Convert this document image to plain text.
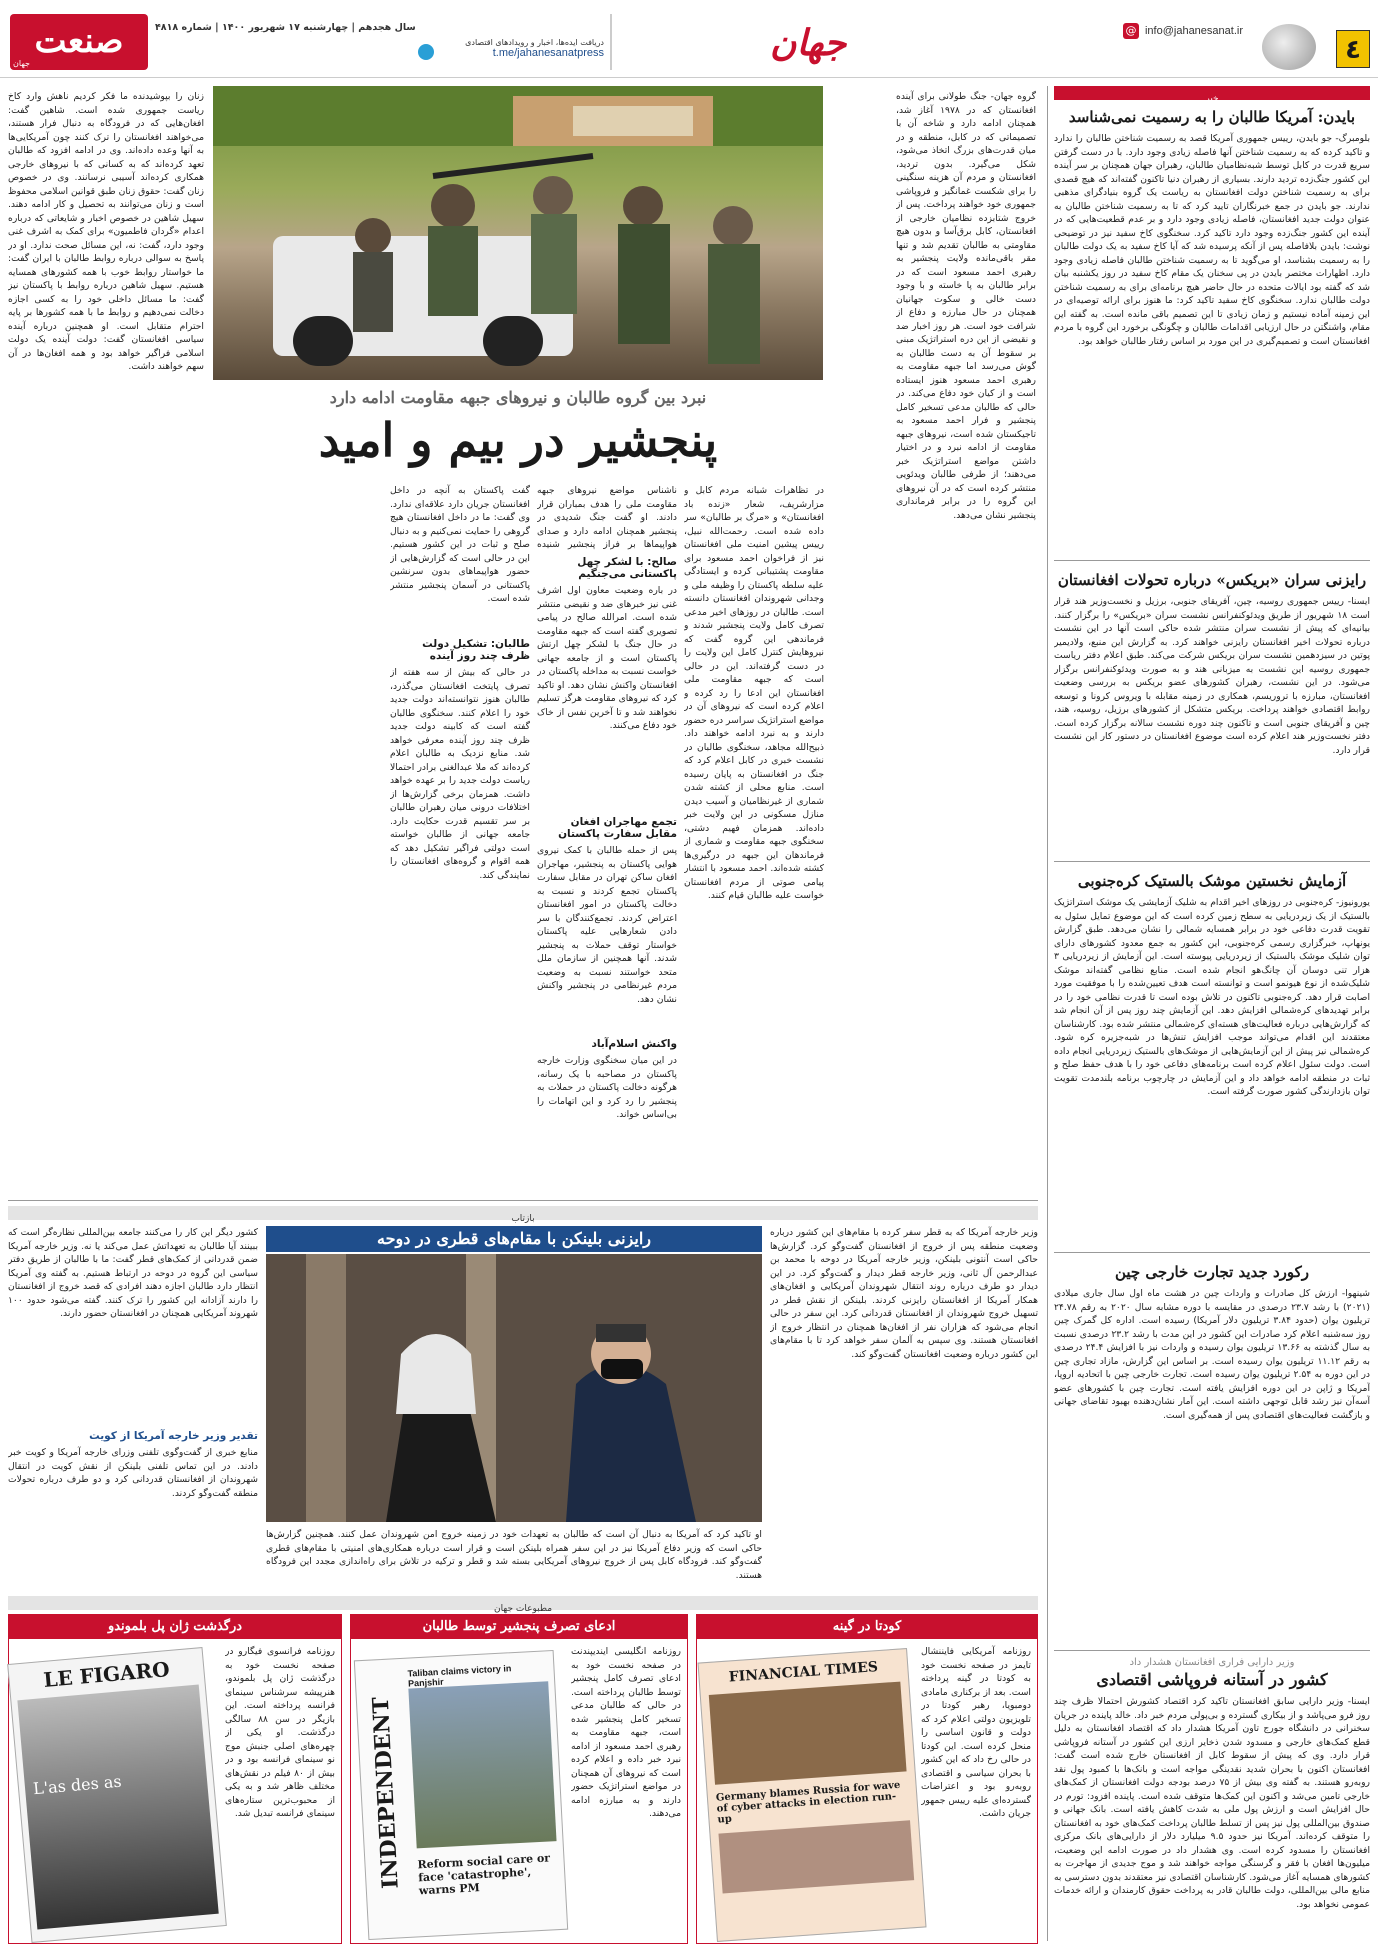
٤
@ info@jahanesanat.ir
جهان
دریافت ایده‌ها، اخبار و رویدادهای اقتصادی
t.me/jahanesanatpress
سال هجدهم | چهارشنبه ۱۷ شهریور ۱۴۰۰ | شماره ۴۸۱۸
صنعت
جهان
خبر
بایدن: آمریکا طالبان را به رسمیت نمی‌شناسد
بلومبرگ- جو بایدن، رییس جمهوری آمریکا قصد به رسمیت شناختن طالبان را ندارد و تاکید کرده که به رسمیت شناختن آنها فاصله زیادی وجود دارد. با در دست گرفتن سریع قدرت در کابل توسط شبه‌نظامیان طالبان، رهبران جهان همچنان بر سر آینده این کشور جنگ‌زده تردید دارند. بسیاری از رهبران دنیا تاکنون گفته‌اند که هیچ قصدی برای به رسمیت شناختن دولت افغانستان به ریاست یک گروه بنیادگرای مذهبی ندارند. جو بایدن در جمع خبرنگاران تایید کرد که تا به رسمیت شناختن طالبان به عنوان دولت جدید افغانستان، فاصله زیادی وجود دارد و بر عدم قطعیت‌هایی که در آینده این کشور جنگ‌زده وجود دارد تاکید کرد. سخنگوی کاخ سفید نیز در توضیحی نوشت: بایدن بلافاصله پس از آنکه پرسیده شد که آیا کاخ سفید به یک دولت طالبان را به رسمیت بشناسد، او می‌گوید تا به رسمیت شناختن طالبان فاصله زیادی وجود دارد. اظهارات مختصر بایدن در پی سخنان یک مقام کاخ سفید در روز یکشنبه بیان شد که گفته بود ایالات متحده در حال حاضر هیچ برنامه‌ای برای به رسمیت شناختن دولت طالبان ندارد. سخنگوی کاخ سفید تاکید کرد: ما هنوز برای ارائه توصیه‌ای در این زمینه آماده نیستیم و زمان زیادی تا این تصمیم باقی مانده است. به گفته این مقام، واشنگتن در حال ارزیابی اقدامات طالبان و چگونگی برخورد این گروه با مردم افغانستان است و تصمیم‌گیری در این مورد بر اساس رفتار طالبان خواهد بود.
رایزنی سران «بریکس» درباره تحولات افغانستان
ایسنا- رییس جمهوری روسیه، چین، آفریقای جنوبی، برزیل و نخست‌وزیر هند قرار است ۱۸ شهریور از طریق ویدئوکنفرانس نشست سران «بریکس» را برگزار کنند. بیانیه‌ای که پیش از نشست سران منتشر شده حاکی است آنها در این نشست درباره تحولات اخیر افغانستان رایزنی خواهند کرد. به گزارش این منبع، ولادیمیر پوتین در سیزدهمین نشست سران بریکس شرکت می‌کند. طبق اعلام دفتر ریاست جمهوری روسیه این نشست به میزبانی هند و به صورت ویدئوکنفرانس برگزار می‌شود. در این نشست، رهبران کشورهای عضو بریکس به بررسی وضعیت افغانستان، مبارزه با تروریسم، همکاری در زمینه مقابله با ویروس کرونا و توسعه روابط اقتصادی خواهند پرداخت. بریکس متشکل از کشورهای برزیل، روسیه، هند، چین و آفریقای جنوبی است و تاکنون چند دوره نشست سالانه برگزار کرده است. دفتر نخست‌وزیر هند اعلام کرده است موضوع افغانستان در دستور کار این نشست قرار دارد.
آزمایش نخستین موشک بالستیک کره‌جنوبی
یورونیوز- کره‌جنوبی در روزهای اخیر اقدام به شلیک آزمایشی یک موشک استراتژیک بالستیک از یک زیردریایی به سطح زمین کرده است که این موضوع تمایل سئول به تقویت قدرت دفاعی خود در برابر همسایه شمالی را نشان می‌دهد. طبق گزارش یونهاپ، خبرگزاری رسمی کره‌جنوبی، این کشور به جمع معدود کشورهای دارای توان شلیک موشک بالستیک از زیردریایی پیوسته است. این آزمایش از زیردریایی ۳ هزار تنی دوسان آن چانگ‌هو انجام شده است. منابع نظامی گفته‌اند موشک شلیک‌شده از نوع هیونمو است و توانسته است هدف تعیین‌شده را با موفقیت مورد اصابت قرار دهد. کره‌جنوبی تاکنون در تلاش بوده است تا قدرت نظامی خود را در برابر تهدیدهای کره‌شمالی افزایش دهد. این آزمایش چند روز پس از آن انجام شد که گزارش‌هایی درباره فعالیت‌های هسته‌ای کره‌شمالی منتشر شده بود. کارشناسان معتقدند این اقدام می‌تواند موجب افزایش تنش‌ها در شبه‌جزیره کره شود. کره‌شمالی نیز پیش از این آزمایش‌هایی از موشک‌های بالستیک زیردریایی انجام داده است. دولت سئول اعلام کرده است برنامه‌های دفاعی خود را با هدف حفظ صلح و ثبات در منطقه ادامه خواهد داد و این آزمایش در چارچوب برنامه بلندمدت تقویت توان بازدارندگی کشور صورت گرفته است.
رکورد جدید تجارت خارجی چین
شینهوا- ارزش کل صادرات و واردات چین در هشت ماه اول سال جاری میلادی (۲۰۲۱) با رشد ۲۳.۷ درصدی در مقایسه با دوره مشابه سال ۲۰۲۰ به رقم ۲۴.۷۸ تریلیون یوان (حدود ۳.۸۴ تریلیون دلار آمریکا) رسیده است. اداره کل گمرک چین روز سه‌شنبه اعلام کرد صادرات این کشور در این مدت با رشد ۲۳.۲ درصدی نسبت به سال گذشته به ۱۳.۶۶ تریلیون یوان رسیده و واردات نیز با افزایش ۲۴.۴ درصدی به رقم ۱۱.۱۲ تریلیون یوان رسیده است. بر اساس این گزارش، مازاد تجاری چین در این دوره به ۲.۵۴ تریلیون یوان رسیده است. تجارت خارجی چین با اتحادیه اروپا، آمریکا و ژاپن در این دوره افزایش یافته است. تجارت چین با کشورهای عضو آسه‌آن نیز رشد قابل توجهی داشته است. این آمار نشان‌دهنده بهبود تقاضای جهانی و بازگشت فعالیت‌های اقتصادی پس از همه‌گیری است.
وزیر دارایی فراری افغانستان هشدار داد
کشور در آستانه فروپاشی اقتصادی
ایسنا- وزیر دارایی سابق افغانستان تاکید کرد اقتصاد کشورش احتمالا ظرف چند روز فرو می‌پاشد و از بیکاری گسترده و بی‌پولی مردم خبر داد. خالد پاینده در جریان سخنرانی در دانشگاه جورج تاون آمریکا هشدار داد که اقتصاد افغانستان به دلیل قطع کمک‌های خارجی و مسدود شدن ذخایر ارزی این کشور در آستانه فروپاشی قرار دارد. وی که پیش از سقوط کابل از افغانستان خارج شده است گفت: افغانستان اکنون با بحران شدید نقدینگی مواجه است و بانک‌ها با کمبود پول نقد روبه‌رو هستند. به گفته وی بیش از ۷۵ درصد بودجه دولت افغانستان از کمک‌های خارجی تامین می‌شد و اکنون این کمک‌ها متوقف شده است. پاینده افزود: تورم در حال افزایش است و ارزش پول ملی به شدت کاهش یافته است. بانک جهانی و صندوق بین‌المللی پول نیز پس از تسلط طالبان پرداخت کمک‌های خود به افغانستان را متوقف کرده‌اند. آمریکا نیز حدود ۹.۵ میلیارد دلار از دارایی‌های بانک مرکزی افغانستان را مسدود کرده است. وی هشدار داد در صورت ادامه این وضعیت، میلیون‌ها افغان با فقر و گرسنگی مواجه خواهند شد و موج جدیدی از مهاجرت به کشورهای همسایه آغاز می‌شود. کارشناسان اقتصادی نیز معتقدند بدون دسترسی به منابع مالی بین‌المللی، دولت طالبان قادر به پرداخت حقوق کارمندان و ارائه خدمات عمومی نخواهد بود.
گروه جهان- جنگ طولانی برای آینده افغانستان که در ۱۹۷۸ آغاز شد، همچنان ادامه دارد و شاخه آن با تصمیماتی که در کابل، منطقه و در میان قدرت‌های بزرگ اتخاذ می‌شود، شکل می‌گیرد. بدون تردید، افغانستان و مردم آن هزینه سنگینی را برای شکست غمانگیز و فروپاشی جمهوری خود خواهند پرداخت. پس از خروج شتابزده نظامیان خارجی از افغانستان، کابل برق‌آسا و بدون هیچ مقاومتی به طالبان تقدیم شد و تنها مقر باقی‌مانده ولایت پنجشیر به رهبری احمد مسعود است که در برابر طالبان به پا خاسته و با وجود دست خالی و سکوت جهانیان همچنان در حال مبارزه و دفاع از شرافت خود است. هر روز اخبار ضد و نقیضی از این دره استراتژیک مبنی بر سقوط آن به دست طالبان به گوش می‌رسد اما جبهه مقاومت به رهبری احمد مسعود هنوز ایستاده است و از کیان خود دفاع می‌کند. در حالی که طالبان مدعی تسخیر کامل پنجشیر و فرار احمد مسعود به تاجیکستان شده است، نیروهای جبهه مقاومت از ادامه نبرد و در اختیار داشتن مواضع استراتژیک خبر می‌دهند؛ از طرفی طالبان ویدئویی منتشر کرده است که در آن نیروهای این گروه را در برابر فرمانداری پنجشیر نشان می‌دهد.
نبرد بین گروه طالبان و نیروهای جبهه مقاومت ادامه دارد
پنجشیر در بیم و امید
در تظاهرات شبانه مردم کابل و مزارشریف، شعار «زنده باد افغانستان» و «مرگ بر طالبان» سر داده شده است. رحمت‌الله نبیل، رییس پیشین امنیت ملی افغانستان نیز از فراخوان احمد مسعود برای مقاومت پشتیبانی کرده و ایستادگی علیه سلطه پاکستان را وظیفه ملی و وجدانی شهروندان افغانستان دانسته است. طالبان در روزهای اخیر مدعی تصرف کامل ولایت پنجشیر شدند و فرماندهی این گروه گفت که نیروهایش کنترل کامل این ولایت را در دست گرفته‌اند. این در حالی است که جبهه مقاومت ملی افغانستان این ادعا را رد کرده و اعلام کرده است که نیروهای آن در مواضع استراتژیک سراسر دره حضور دارند و به نبرد ادامه خواهند داد. ذبیح‌الله مجاهد، سخنگوی طالبان در نشست خبری در کابل اعلام کرد که جنگ در افغانستان به پایان رسیده است. منابع محلی از کشته شدن شماری از غیرنظامیان و آسیب دیدن منازل مسکونی در این ولایت خبر داده‌اند. همزمان فهیم دشتی، سخنگوی جبهه مقاومت و شماری از فرماندهان این جبهه در درگیری‌ها کشته شده‌اند. احمد مسعود با انتشار پیامی صوتی از مردم افغانستان خواست علیه طالبان قیام کنند.
ناشناس مواضع نیروهای جبهه مقاومت ملی را هدف بمباران قرار دادند. او گفت جنگ شدیدی در پنجشیر همچنان ادامه دارد و صدای هواپیماها بر فراز پنجشیر شنیده
صالح: با لشکر چهل پاکستانی می‌جنگیم
در باره وضعیت معاون اول اشرف غنی نیز خبرهای ضد و نقیضی منتشر شده است. امرالله صالح در پیامی تصویری گفته است که جبهه مقاومت در حال جنگ با لشکر چهل ارتش پاکستان است و از جامعه جهانی خواست نسبت به مداخله پاکستان در افغانستان واکنش نشان دهد. او تاکید کرد که نیروهای مقاومت هرگز تسلیم نخواهند شد و تا آخرین نفس از خاک خود دفاع می‌کنند.
تجمع مهاجران افغان مقابل سفارت پاکستان
پس از حمله طالبان با کمک نیروی هوایی پاکستان به پنجشیر، مهاجران افغان ساکن تهران در مقابل سفارت پاکستان تجمع کردند و نسبت به دخالت پاکستان در امور افغانستان اعتراض کردند. تجمع‌کنندگان با سر دادن شعارهایی علیه پاکستان خواستار توقف حملات به پنجشیر شدند. آنها همچنین از سازمان ملل متحد خواستند نسبت به وضعیت مردم غیرنظامی در پنجشیر واکنش نشان دهد.
واکنش اسلام‌آباد
در این میان سخنگوی وزارت خارجه پاکستان در مصاحبه با یک رسانه، هرگونه دخالت پاکستان در حملات به پنجشیر را رد کرد و این اتهامات را بی‌اساس خواند.
گفت پاکستان به آنچه در داخل افغانستان جریان دارد علاقه‌ای ندارد. وی گفت: ما در داخل افغانستان هیچ گروهی را حمایت نمی‌کنیم و به دنبال صلح و ثبات در این کشور هستیم. این در حالی است که گزارش‌هایی از حضور هواپیماهای بدون سرنشین پاکستانی در آسمان پنجشیر منتشر شده است.
طالبان: تشکیل دولت ظرف چند روز آینده
در حالی که بیش از سه هفته از تصرف پایتخت افغانستان می‌گذرد، طالبان هنوز نتوانسته‌اند دولت جدید خود را اعلام کنند. سخنگوی طالبان گفته است که کابینه دولت جدید ظرف چند روز آینده معرفی خواهد شد. منابع نزدیک به طالبان اعلام کرده‌اند که ملا عبدالغنی برادر احتمالا ریاست دولت جدید را بر عهده خواهد داشت. همزمان برخی گزارش‌ها از اختلافات درونی میان رهبران طالبان بر سر تقسیم قدرت حکایت دارد. جامعه جهانی از طالبان خواسته است دولتی فراگیر تشکیل دهد که همه اقوام و گروه‌های افغانستان را نمایندگی کند.
زنان را بپوشیدنده ما فکر کردیم ناهش وارد کاخ ریاست جمهوری شده است. شاهین گفت: افغان‌هایی که در فرودگاه به دنبال فرار هستند، می‌خواهند افغانستان را ترک کنند چون آمریکایی‌ها به آنها وعده داده‌اند. وی در ادامه افزود که طالبان تعهد کرده‌اند که به کسانی که با نیروهای خارجی همکاری کرده‌اند آسیبی نرسانند. وی در خصوص زنان گفت: حقوق زنان طبق قوانین اسلامی محفوظ است و زنان می‌توانند به تحصیل و کار ادامه دهند. سهیل شاهین در خصوص اخبار و شایعاتی که درباره اعدام «گردان فاطمیون» برای کمک به اشرف غنی وجود دارد، گفت: نه، این مسائل صحت ندارد. او در پاسخ به سوالی درباره روابط طالبان با ایران گفت: ما خواستار روابط خوب با همه کشورهای همسایه هستیم. سهیل شاهین درباره روابط با پاکستان نیز گفت: ما مسائل داخلی خود را به کسی اجازه دخالت نمی‌دهیم و روابط ما با همه کشورها بر پایه احترام متقابل است. او همچنین درباره آینده سیاسی افغانستان گفت: دولت آینده یک دولت اسلامی فراگیر خواهد بود و همه افغان‌ها در آن سهم خواهند داشت.
بازتاب
وزیر خارجه آمریکا که به قطر سفر کرده با مقام‌های این کشور درباره وضعیت منطقه پس از خروج از افغانستان گفت‌وگو کرد. گزارش‌ها حاکی است آنتونی بلینکن، وزیر خارجه آمریکا در دوحه با محمد بن عبدالرحمن آل ثانی، وزیر خارجه قطر دیدار و گفت‌وگو کرد. در این دیدار دو طرف درباره روند انتقال شهروندان آمریکایی و افغان‌های همکار آمریکا از افغانستان رایزنی کردند. بلینکن از نقش قطر در تسهیل خروج شهروندان از افغانستان قدردانی کرد. این سفر در حالی انجام می‌شود که هزاران نفر از افغان‌ها همچنان در انتظار خروج از افغانستان هستند. وی سپس به آلمان سفر خواهد کرد تا با مقام‌های این کشور درباره وضعیت افغانستان گفت‌وگو کند.
رایزنی بلینکن با مقام‌های قطری در دوحه
او تاکید کرد که آمریکا به دنبال آن است که طالبان به تعهدات خود در زمینه خروج امن شهروندان عمل کنند. همچنین گزارش‌ها حاکی است که وزیر دفاع آمریکا نیز در این سفر همراه بلینکن است و قرار است درباره همکاری‌های امنیتی با مقام‌های قطری گفت‌وگو کند. فرودگاه کابل پس از خروج نیروهای آمریکایی بسته شد و قطر و ترکیه در تلاش برای راه‌اندازی مجدد این فرودگاه هستند.
کشور دیگر این کار را می‌کنند جامعه بین‌المللی نظاره‌گر است که ببینند آیا طالبان به تعهداتش عمل می‌کند یا نه. وزیر خارجه آمریکا ضمن قدردانی از کمک‌های قطر گفت: ما با طالبان از طریق دفتر سیاسی این گروه در دوحه در ارتباط هستیم. به گفته وی آمریکا انتظار دارد طالبان اجازه دهند افرادی که قصد خروج از افغانستان را دارند آزادانه این کشور را ترک کنند. گفته می‌شود حدود ۱۰۰ شهروند آمریکایی همچنان در افغانستان حضور دارند.
تقدیر وزیر خارجه آمریکا از کویت
منابع خبری از گفت‌وگوی تلفنی وزرای خارجه آمریکا و کویت خبر دادند. در این تماس تلفنی بلینکن از نقش کویت در انتقال شهروندان از افغانستان قدردانی کرد و دو طرف درباره تحولات منطقه گفت‌وگو کردند.
مطبوعات جهان
کودتا در گینه
روزنامه آمریکایی فایننشال تایمز در صفحه نخست خود به کودتا در گینه پرداخته است. بعد از برکناری مامادی دومبویا، رهبر کودتا در تلویزیون دولتی اعلام کرد که دولت و قانون اساسی را منحل کرده است. این کودتا در حالی رخ داد که این کشور با بحران سیاسی و اقتصادی روبه‌رو بود و اعتراضات گسترده‌ای علیه رییس جمهور جریان داشت.
FINANCIAL TIMES
Germany blames Russia for wave of cyber attacks in election run-up
ادعای تصرف پنجشیر توسط طالبان
روزنامه انگلیسی ایندیپندنت در صفحه نخست خود به ادعای تصرف کامل پنجشیر توسط طالبان پرداخته است. در حالی که طالبان مدعی تسخیر کامل پنجشیر شده است، جبهه مقاومت به رهبری احمد مسعود از ادامه نبرد خبر داده و اعلام کرده است که نیروهای آن همچنان در مواضع استراتژیک حضور دارند و به مبارزه ادامه می‌دهند.
INDEPENDENT
Taliban claims victory in Panjshir
Reform social care or face 'catastrophe', warns PM
درگذشت ژان پل بلموندو
روزنامه فرانسوی فیگارو در صفحه نخست خود به درگذشت ژان پل بلموندو، هنرپیشه سرشناس سینمای فرانسه پرداخته است. این بازیگر در سن ۸۸ سالگی درگذشت. او یکی از چهره‌های اصلی جنبش موج نو سینمای فرانسه بود و در بیش از ۸۰ فیلم در نقش‌های مختلف ظاهر شد و به یکی از محبوب‌ترین ستاره‌های سینمای فرانسه تبدیل شد.
LE FIGARO
L'as des as
